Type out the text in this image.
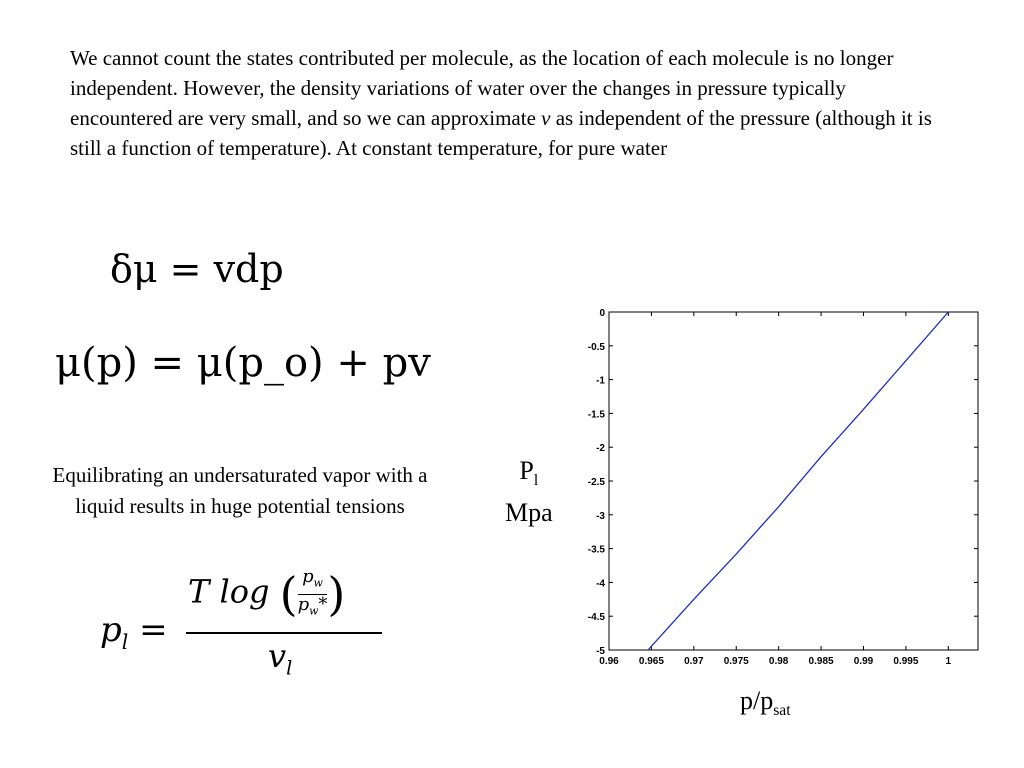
We cannot count the states contributed per molecule, as the location of each molecule is no longer independent. However, the density variations of water over the changes in pressure typically encountered are very small, and so we can approximate v as independent of the pressure (although it is still a function of temperature). At constant temperature, for pure water

δμ = vdp
μ(p) = μ(p_o) + pv

Equilibrating an undersaturated vapor with a liquid results in huge potential tensions

$p_l$ =
T $\log (\frac{p_w}{p_w*}$ )
$v_l$
$P_l$
Mpa
$p/p_{sat}$
0.96 0.965 0.97 0.975 0.98 0.985 0.99 0.995	1
0
-0.5
-1
-1.5
-2
-2.5
-3
-3.5
-4
-4.5
-5
